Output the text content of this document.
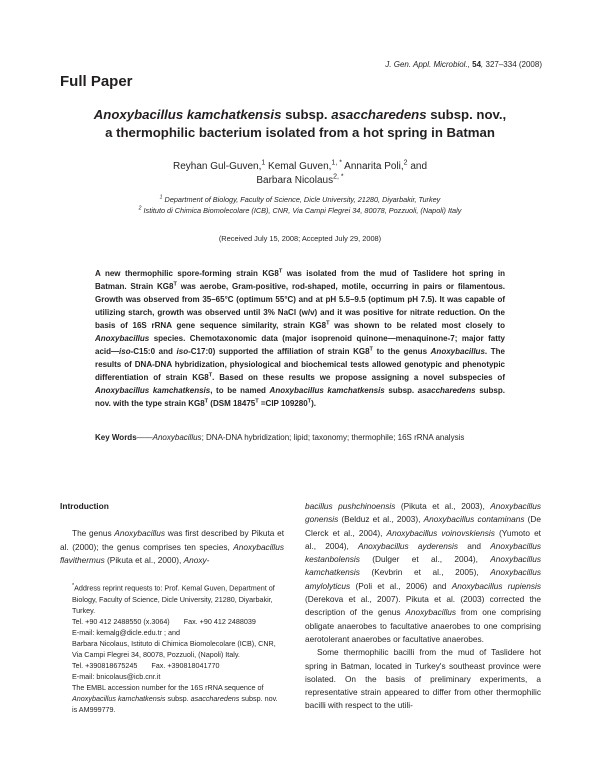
J. Gen. Appl. Microbiol., 54, 327–334 (2008)
Full Paper
Anoxybacillus kamchatkensis subsp. asaccharedens subsp. nov.,
a thermophilic bacterium isolated from a hot spring in Batman
Reyhan Gul-Guven,$^1$ Kemal Guven,$^{1, *}$ Annarita Poli,$^2$ and
Barbara Nicolaus$^{2, *}$
$^1$ Department of Biology, Faculty of Science, Dicle University, 21280, Diyarbakir, Turkey
$^2$ Istituto di Chimica Biomolecolare (ICB), CNR, Via Campi Flegrei 34, 80078, Pozzuoli, (Napoli) Italy
(Received July 15, 2008; Accepted July 29, 2008)
A new thermophilic spore-forming strain $KG8^T$ was isolated from the mud of Taslidere hot spring in Batman. Strain $KG8^T$ was aerobe, Gram-positive, rod-shaped, motile, occurring in pairs or filamentous. Growth was observed from 35–65°C (optimum 55°C) and at pH 5.5–9.5 (optimum pH 7.5). It was capable of utilizing starch, growth was observed until 3% NaCl (w/v) and it was positive for nitrate reduction. On the basis of 16S rRNA gene sequence similarity, strain $KG8^T$ was shown to be related most closely to Anoxybacillus species. Chemotaxonomic data (major isoprenoid quinone—menaquinone-7; major fatty acid—iso-C15:0 and iso-C17:0) supported the affiliation of strain $KG8^T$ to the genus Anoxybacillus. The results of DNA-DNA hybridization, physiological and biochemical tests allowed genotypic and phenotypic differentiation of strain $KG8^T$. Based on these results we propose assigning a novel subspecies of Anoxybacillus kamchatkensis, to be named Anoxybacillus kamchatkensis subsp. asaccharedens subsp. nov. with the type strain $KG8^T$ (DSM $18475^T =CIP$ $109280^T$).
Key Words——Anoxybacillus; DNA-DNA hybridization; lipid; taxonomy; thermophile; 16S rRNA analysis
Introduction

The genus Anoxybacillus was first described by Pikuta et al. (2000); the genus comprises ten species, Anoxybacillus flavithermus (Pikuta et al., 2000), Anoxy-

*Address reprint requests to: Prof. Kemal Guven, Department of Biology, Faculty of Science, Dicle University, 21280, Diyarbakir, Turkey.

Tel. +90 412 2488550 (x.3064) Fax. +90 412 2488039

E-mail: kemalg@dicle.edu.tr ; and

Barbara Nicolaus, Istituto di Chimica Biomolecolare (ICB), CNR, Via Campi Flegrei 34, 80078, Pozzuoli, (Napoli) Italy.

Tel. +390818675245 Fax. +390818041770

E-mail: bnicolaus@icb.cnr.it

The EMBL accession number for the 16S rRNA sequence of Anoxybacillus kamchatkensis subsp. asaccharedens subsp. nov. is AM999779.

bacillus pushchinoensis (Pikuta et al., 2003), Anoxybacillus gonensis (Belduz et al., 2003), Anoxybacillus contaminans (De Clerck et al., 2004), Anoxybacillus voinovskiensis (Yumoto et al., 2004), Anoxybacillus ayderensis and Anoxybacillus kestanbolensis (Dulger et al., 2004), Anoxybacillus kamchatkensis (Kevbrin et al., 2005), Anoxybacillus amylolyticus (Poli et al., 2006) and Anoxybacillus rupiensis (Derekova et al., 2007). Pikuta et al. (2003) corrected the description of the genus Anoxybacillus from one comprising obligate anaerobes to facultative anaerobes to one comprising aerotolerant anaerobes or facultative anaerobes.

Some thermophilic bacilli from the mud of Taslidere hot spring in Batman, located in Turkey's southeast province were isolated. On the basis of preliminary experiments, a representative strain appeared to differ from other thermophilic bacilli with respect to the utili-
